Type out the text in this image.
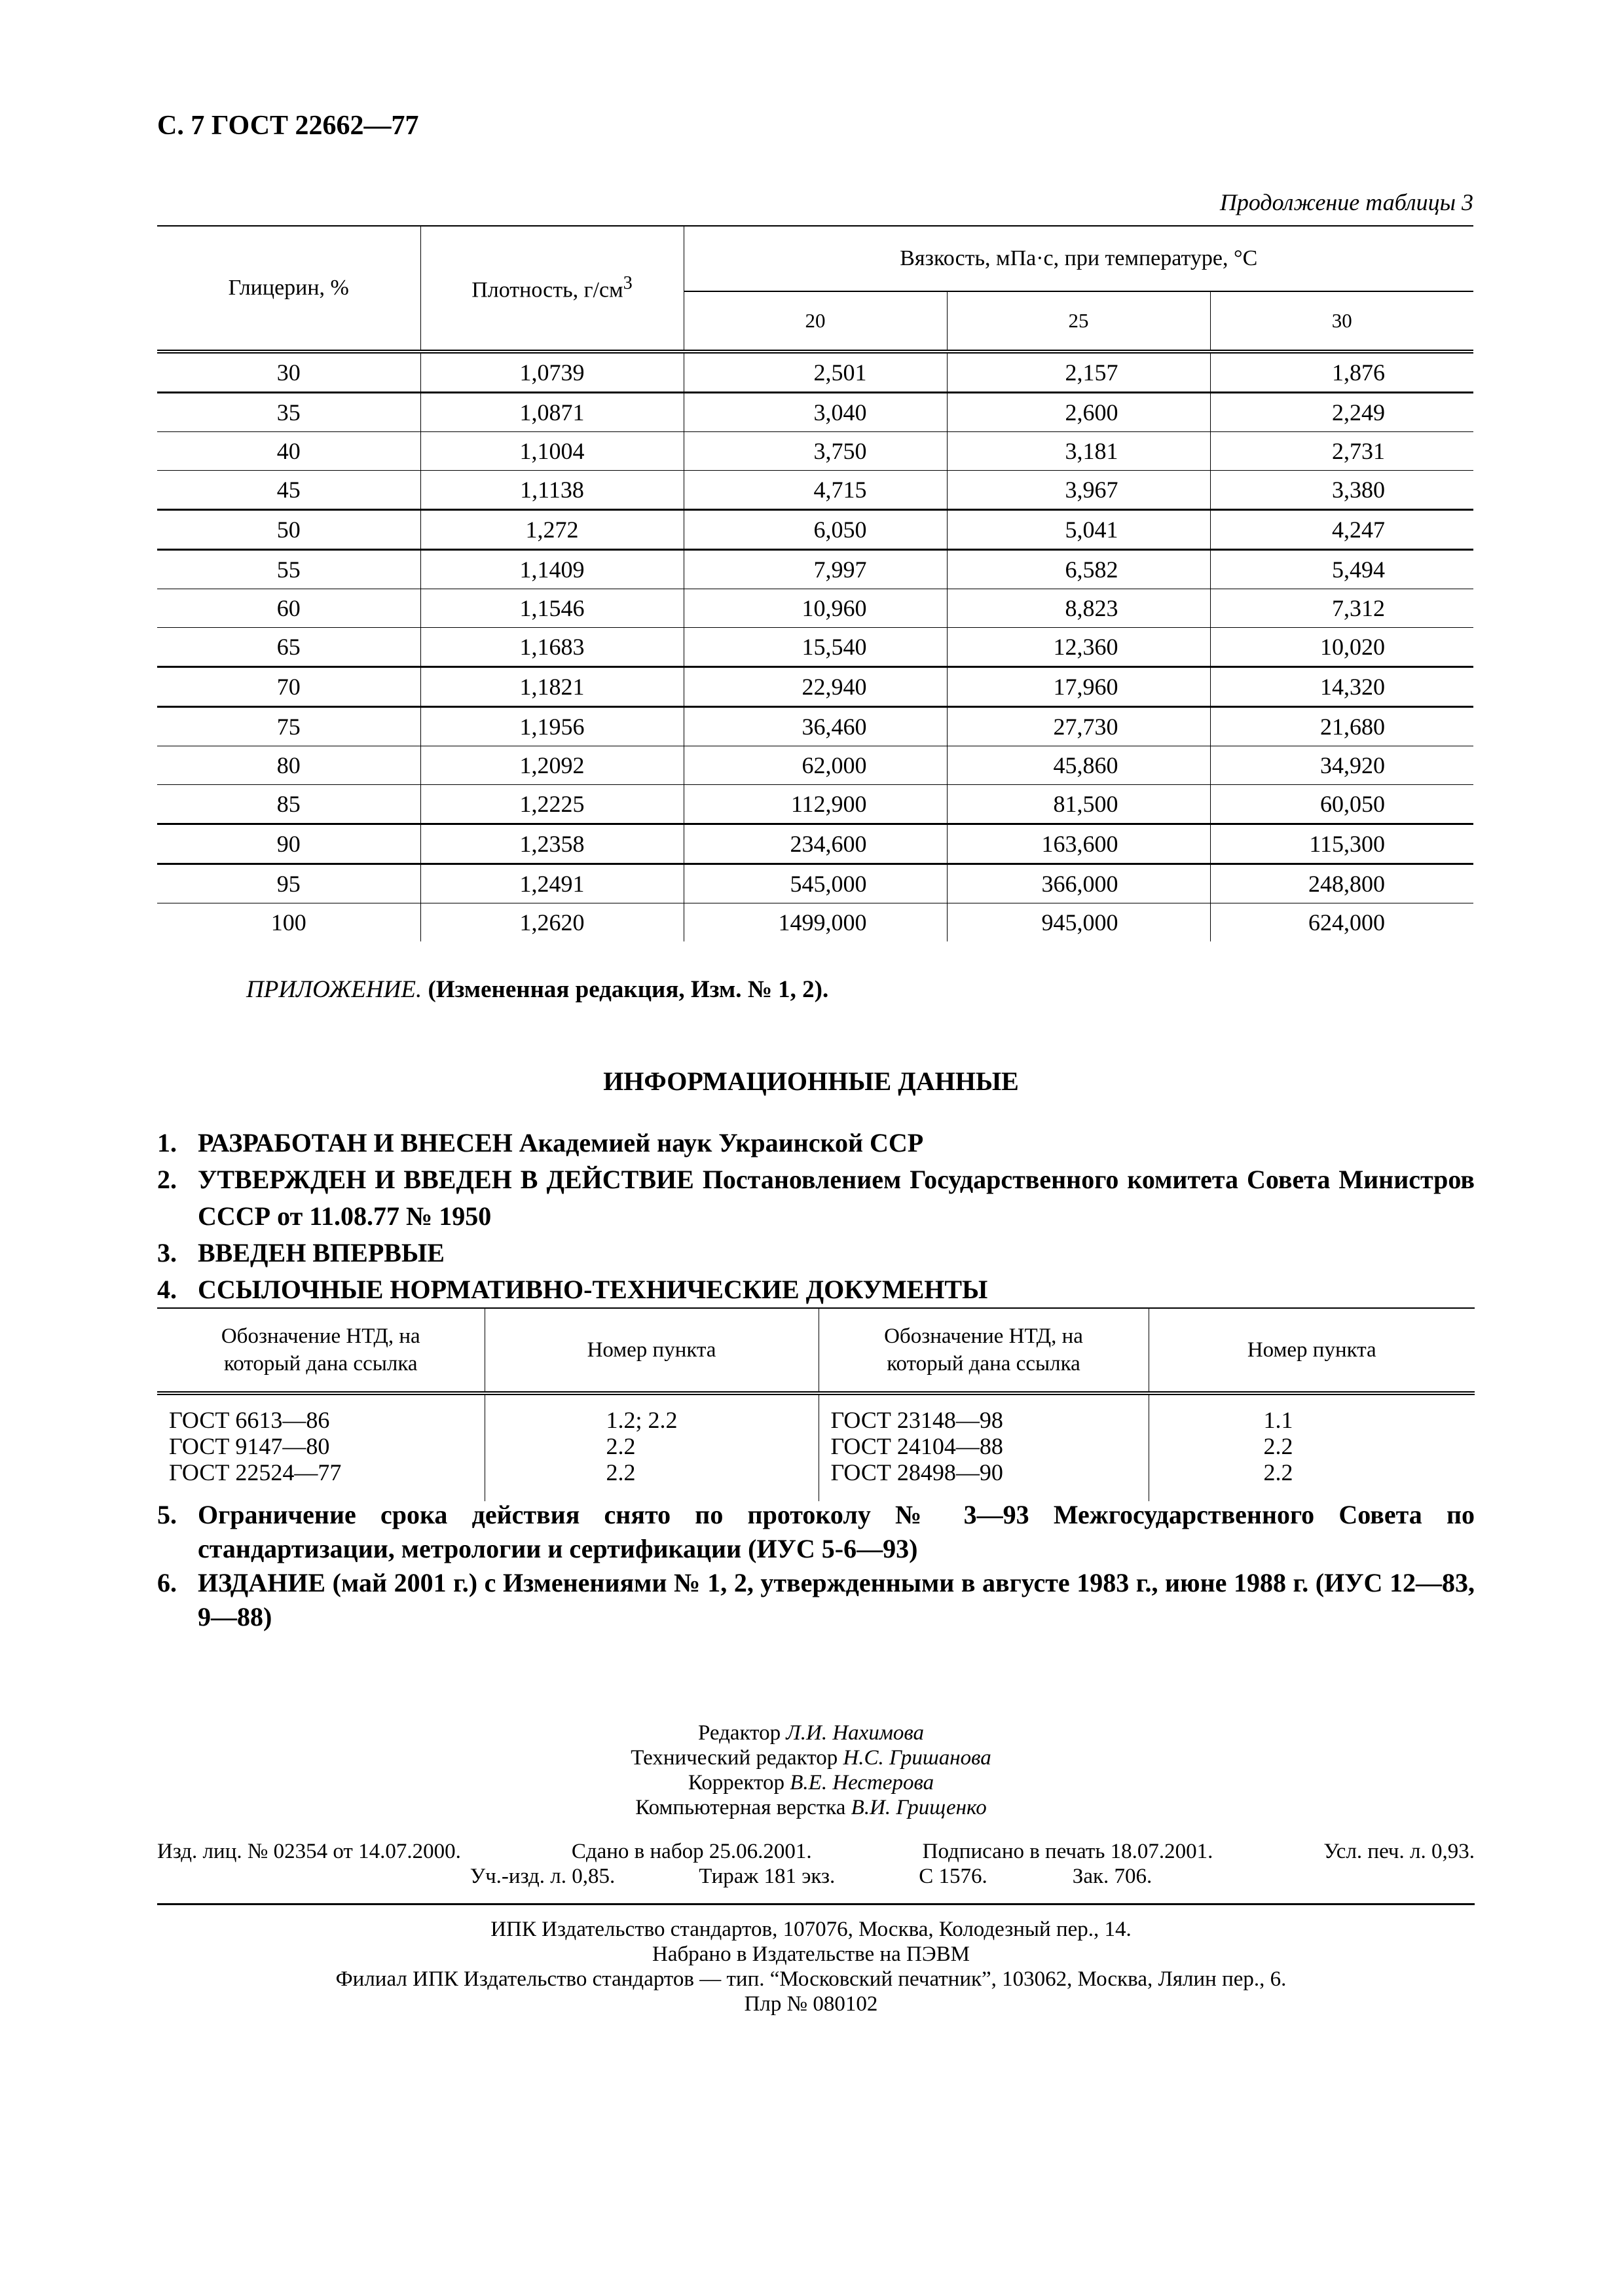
С. 7 ГОСТ 22662—77
Продолжение таблицы 3
Глицерин, %	Плотность, $г/см^3$	Вязкость, мПа·с, при температуре, °С		
		20	25	30
30	1,0739	2,501	2,157	1,876
35	1,0871	3,040	2,600	2,249
40	1,1004	3,750	3,181	2,731
45	1,1138	4,715	3,967	3,380
50	1,272	6,050	5,041	4,247
55	1,1409	7,997	6,582	5,494
60	1,1546	10,960	8,823	7,312
65	1,1683	15,540	12,360	10,020
70	1,1821	22,940	17,960	14,320
75	1,1956	36,460	27,730	21,680
80	1,2092	62,000	45,860	34,920
85	1,2225	112,900	81,500	60,050
90	1,2358	234,600	163,600	115,300
95	1,2491	545,000	366,000	248,800
100	1,2620	1499,000	945,000	624,000
ПРИЛОЖЕНИЕ. (Измененная редакция, Изм. № 1, 2).
ИНФОРМАЦИОННЫЕ ДАННЫЕ
1. РАЗРАБОТАН И ВНЕСЕН Академией наук Украинской ССР
2. УТВЕРЖДЕН И ВВЕДЕН В ДЕЙСТВИЕ Постановлением Государственного комитета Совета Министров СССР от 11.08.77 № 1950
3. ВВЕДЕН ВПЕРВЫЕ
4. ССЫЛОЧНЫЕ НОРМАТИВНО-ТЕХНИЧЕСКИЕ ДОКУМЕНТЫ
Обозначение НТД, на который дана ссылка	Номер пункта	Обозначение НТД, на который дана ссылка	Номер пункта
ГОСТ 6613—86	1.2; 2.2	ГОСТ 23148—98	1.1
ГОСТ 9147—80	2.2	ГОСТ 24104—88	2.2
ГОСТ 22524—77	2.2	ГОСТ 28498—90	2.2
5. Ограничение срока действия снято по протоколу № 3—93 Межгосударственного Совета по стандартизации, метрологии и сертификации (ИУС 5-6—93)
6. ИЗДАНИЕ (май 2001 г.) с Изменениями № 1, 2, утвержденными в августе 1983 г., июне 1988 г. (ИУС 12—83, 9—88)
Редактор Л.И. Нахимова
Технический редактор Н.С. Гришанова
Корректор В.Е. Нестерова
Компьютерная верстка В.И. Грищенко
Изд. лиц. № 02354 от 14.07.2000.	Сдано в набор 25.06.2001.	Подписано в печать 18.07.2001.	Усл. печ. л. 0,93.
Уч.-изд. л. 0,85.	Тираж 181 экз.	С 1576.	Зак. 706.
ИПК Издательство стандартов, 107076, Москва, Колодезный пер., 14.
Набрано в Издательстве на ПЭВМ
Филиал ИПК Издательство стандартов — тип. “Московский печатник”, 103062, Москва, Лялин пер., 6.
Плр № 080102
